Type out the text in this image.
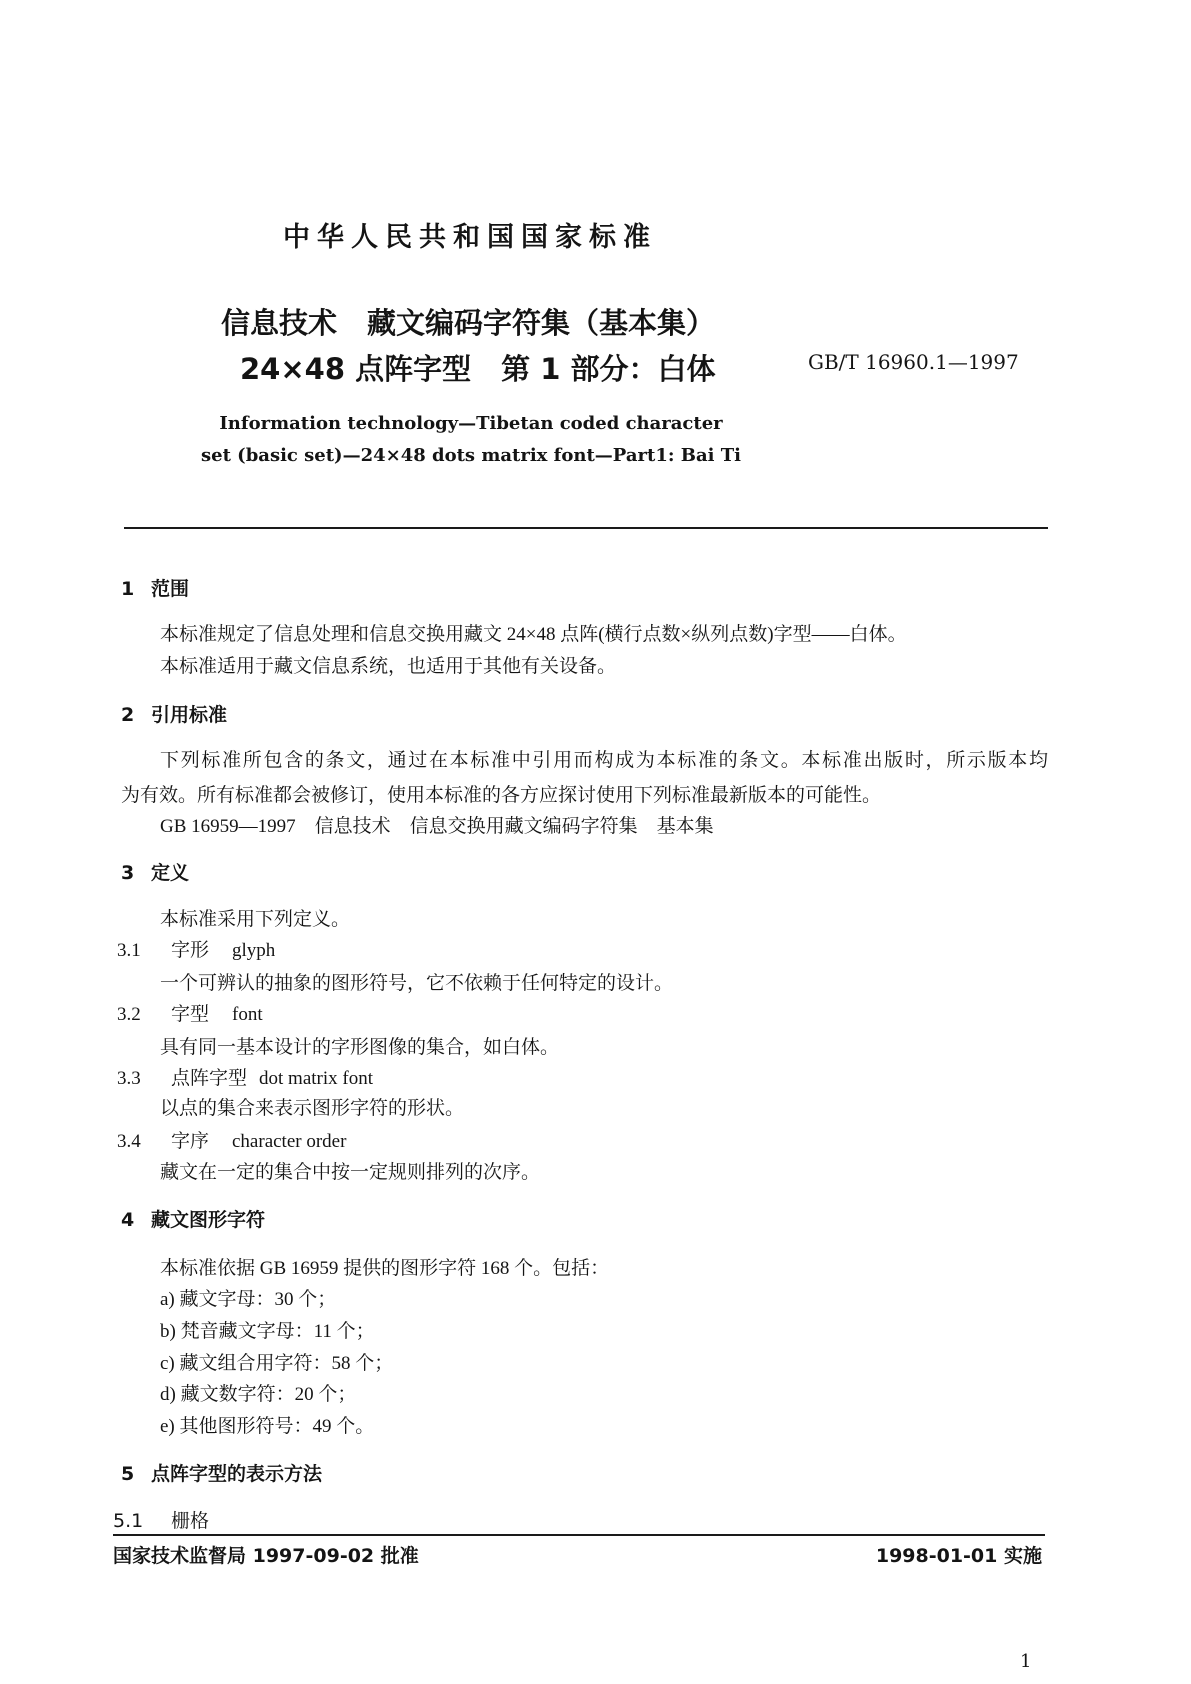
中华人民共和国国家标准
信息技术 藏文编码字符集（基本集）
24×48 点阵字型 第 1 部分：白体	GB/T 16960.1—1997
Information technology—Tibetan coded character
set (basic set)—24×48 dots matrix font—Part1: Bai Ti
1 范围
本标准规定了信息处理和信息交换用藏文 24×48 点阵(横行点数×纵列点数)字型——白体。
本标准适用于藏文信息系统，也适用于其他有关设备。
2 引用标准
下列标准所包含的条文，通过在本标准中引用而构成为本标准的条文。本标准出版时，所示版本均
为有效。所有标准都会被修订，使用本标准的各方应探讨使用下列标准最新版本的可能性。
GB 16959—1997　信息技术　信息交换用藏文编码字符集　基本集
3 定义
本标准采用下列定义。
3.1 字形 glyph
一个可辨认的抽象的图形符号，它不依赖于任何特定的设计。
3.2 字型 font
具有同一基本设计的字形图像的集合，如白体。
3.3 点阵字型 dot matrix font
以点的集合来表示图形字符的形状。
3.4 字序 character order
藏文在一定的集合中按一定规则排列的次序。
4 藏文图形字符
本标准依据 GB 16959 提供的图形字符 168 个。包括：
a) 藏文字母：30 个；
b) 梵音藏文字母：11 个；
c) 藏文组合用字符：58 个；
d) 藏文数字符：20 个；
e) 其他图形符号：49 个。
5 点阵字型的表示方法
5.1 栅格
国家技术监督局 1997-09-02 批准	1998-01-01 实施
1
